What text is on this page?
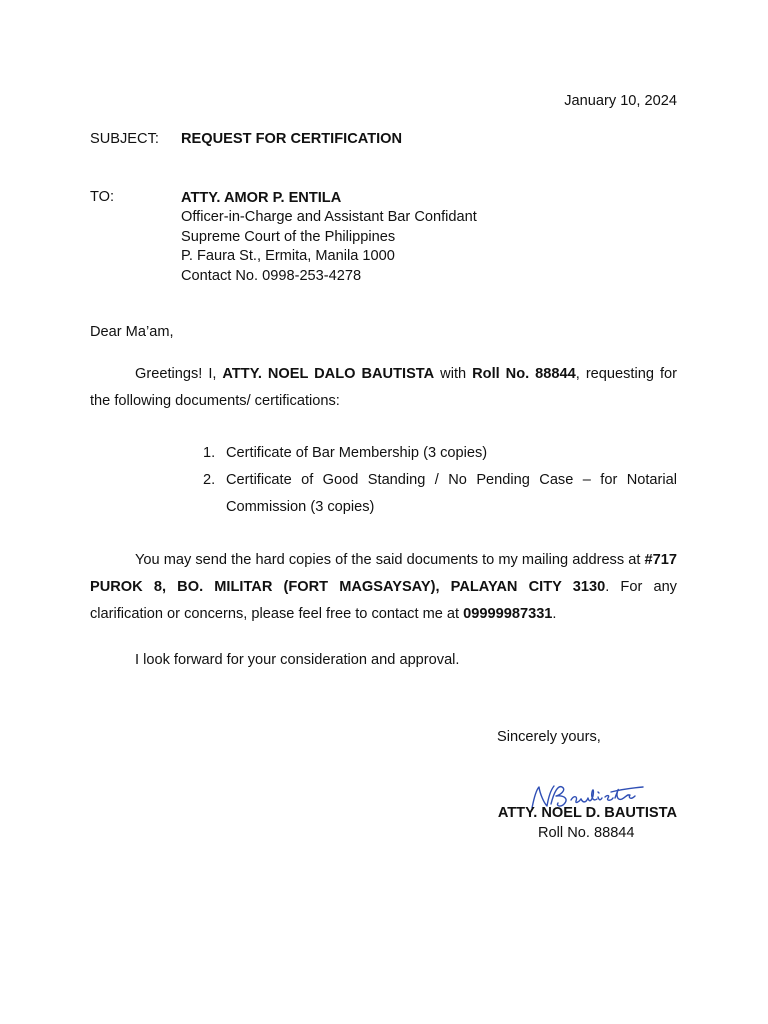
January 10, 2024
SUBJECT: REQUEST FOR CERTIFICATION
TO:	ATTY. AMOR P. ENTILA
Officer-in-Charge and Assistant Bar Confidant
Supreme Court of the Philippines
P. Faura St., Ermita, Manila 1000
Contact No. 0998-253-4278
Dear Ma’am,

Greetings! I, ATTY. NOEL DALO BAUTISTA with Roll No. 88844, requesting for the following documents/ certifications:

1. Certificate of Bar Membership (3 copies)
2. Certificate of Good Standing / No Pending Case – for Notarial Commission (3 copies)

You may send the hard copies of the said documents to my mailing address at #717 PUROK 8, BO. MILITAR (FORT MAGSAYSAY), PALAYAN CITY 3130. For any clarification or concerns, please feel free to contact me at 09999987331.

I look forward for your consideration and approval.

Sincerely yours,
ATTY. NOEL D. BAUTISTA
Roll No. 88844
